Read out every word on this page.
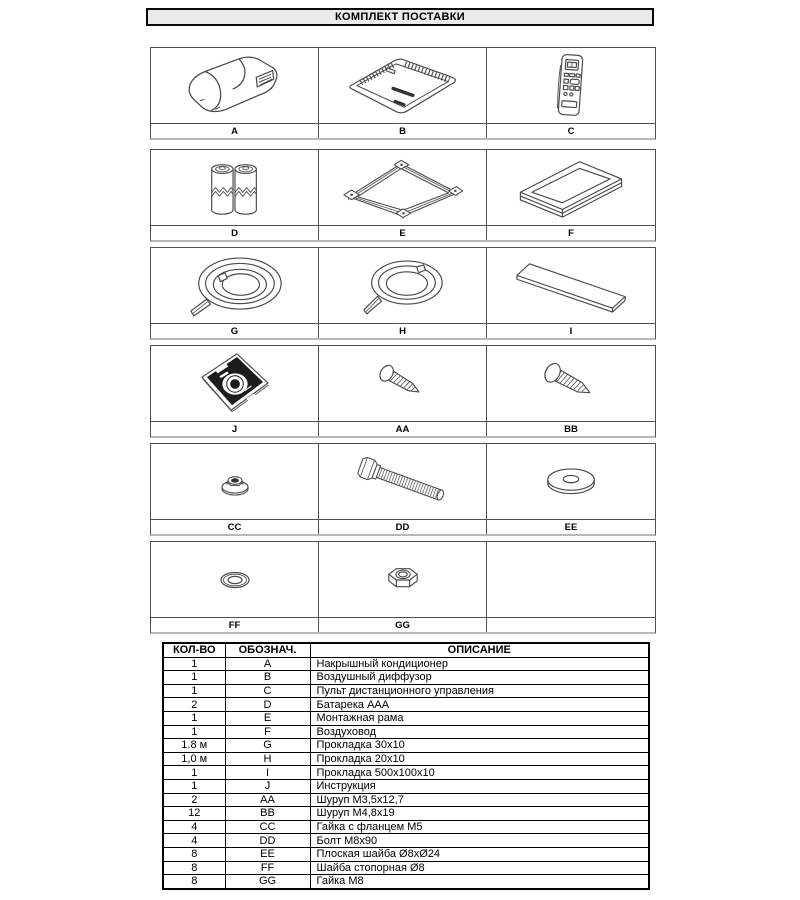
КОМПЛЕКТ ПОСТАВКИ
A	B	C
D	E	F
G	H	I
J	AA	BB
CC	DD	EE
FF	GG
КОЛ-ВО	ОБОЗНАЧ.	ОПИСАНИЕ
1	A	Накрышный кондиционер
1	B	Воздушный диффузор
1	C	Пульт дистанционного управления
2	D	Батарека ААА
1	E	Монтажная рама
1	F	Воздуховод
1.8 м	G	Прокладка 30х10
1,0 м	H	Прокладка 20х10
1	I	Прокладка 500х100х10
1	J	Инструкция
2	AA	Шуруп М3,5х12,7
12	BB	Шуруп М4,8х19
4	CC	Гайка с фланцем М5
4	DD	Болт М8х90
8	EE	Плоская шайба Ø8хØ24
8	FF	Шайба стопорная Ø8
8	GG	Гайка М8
